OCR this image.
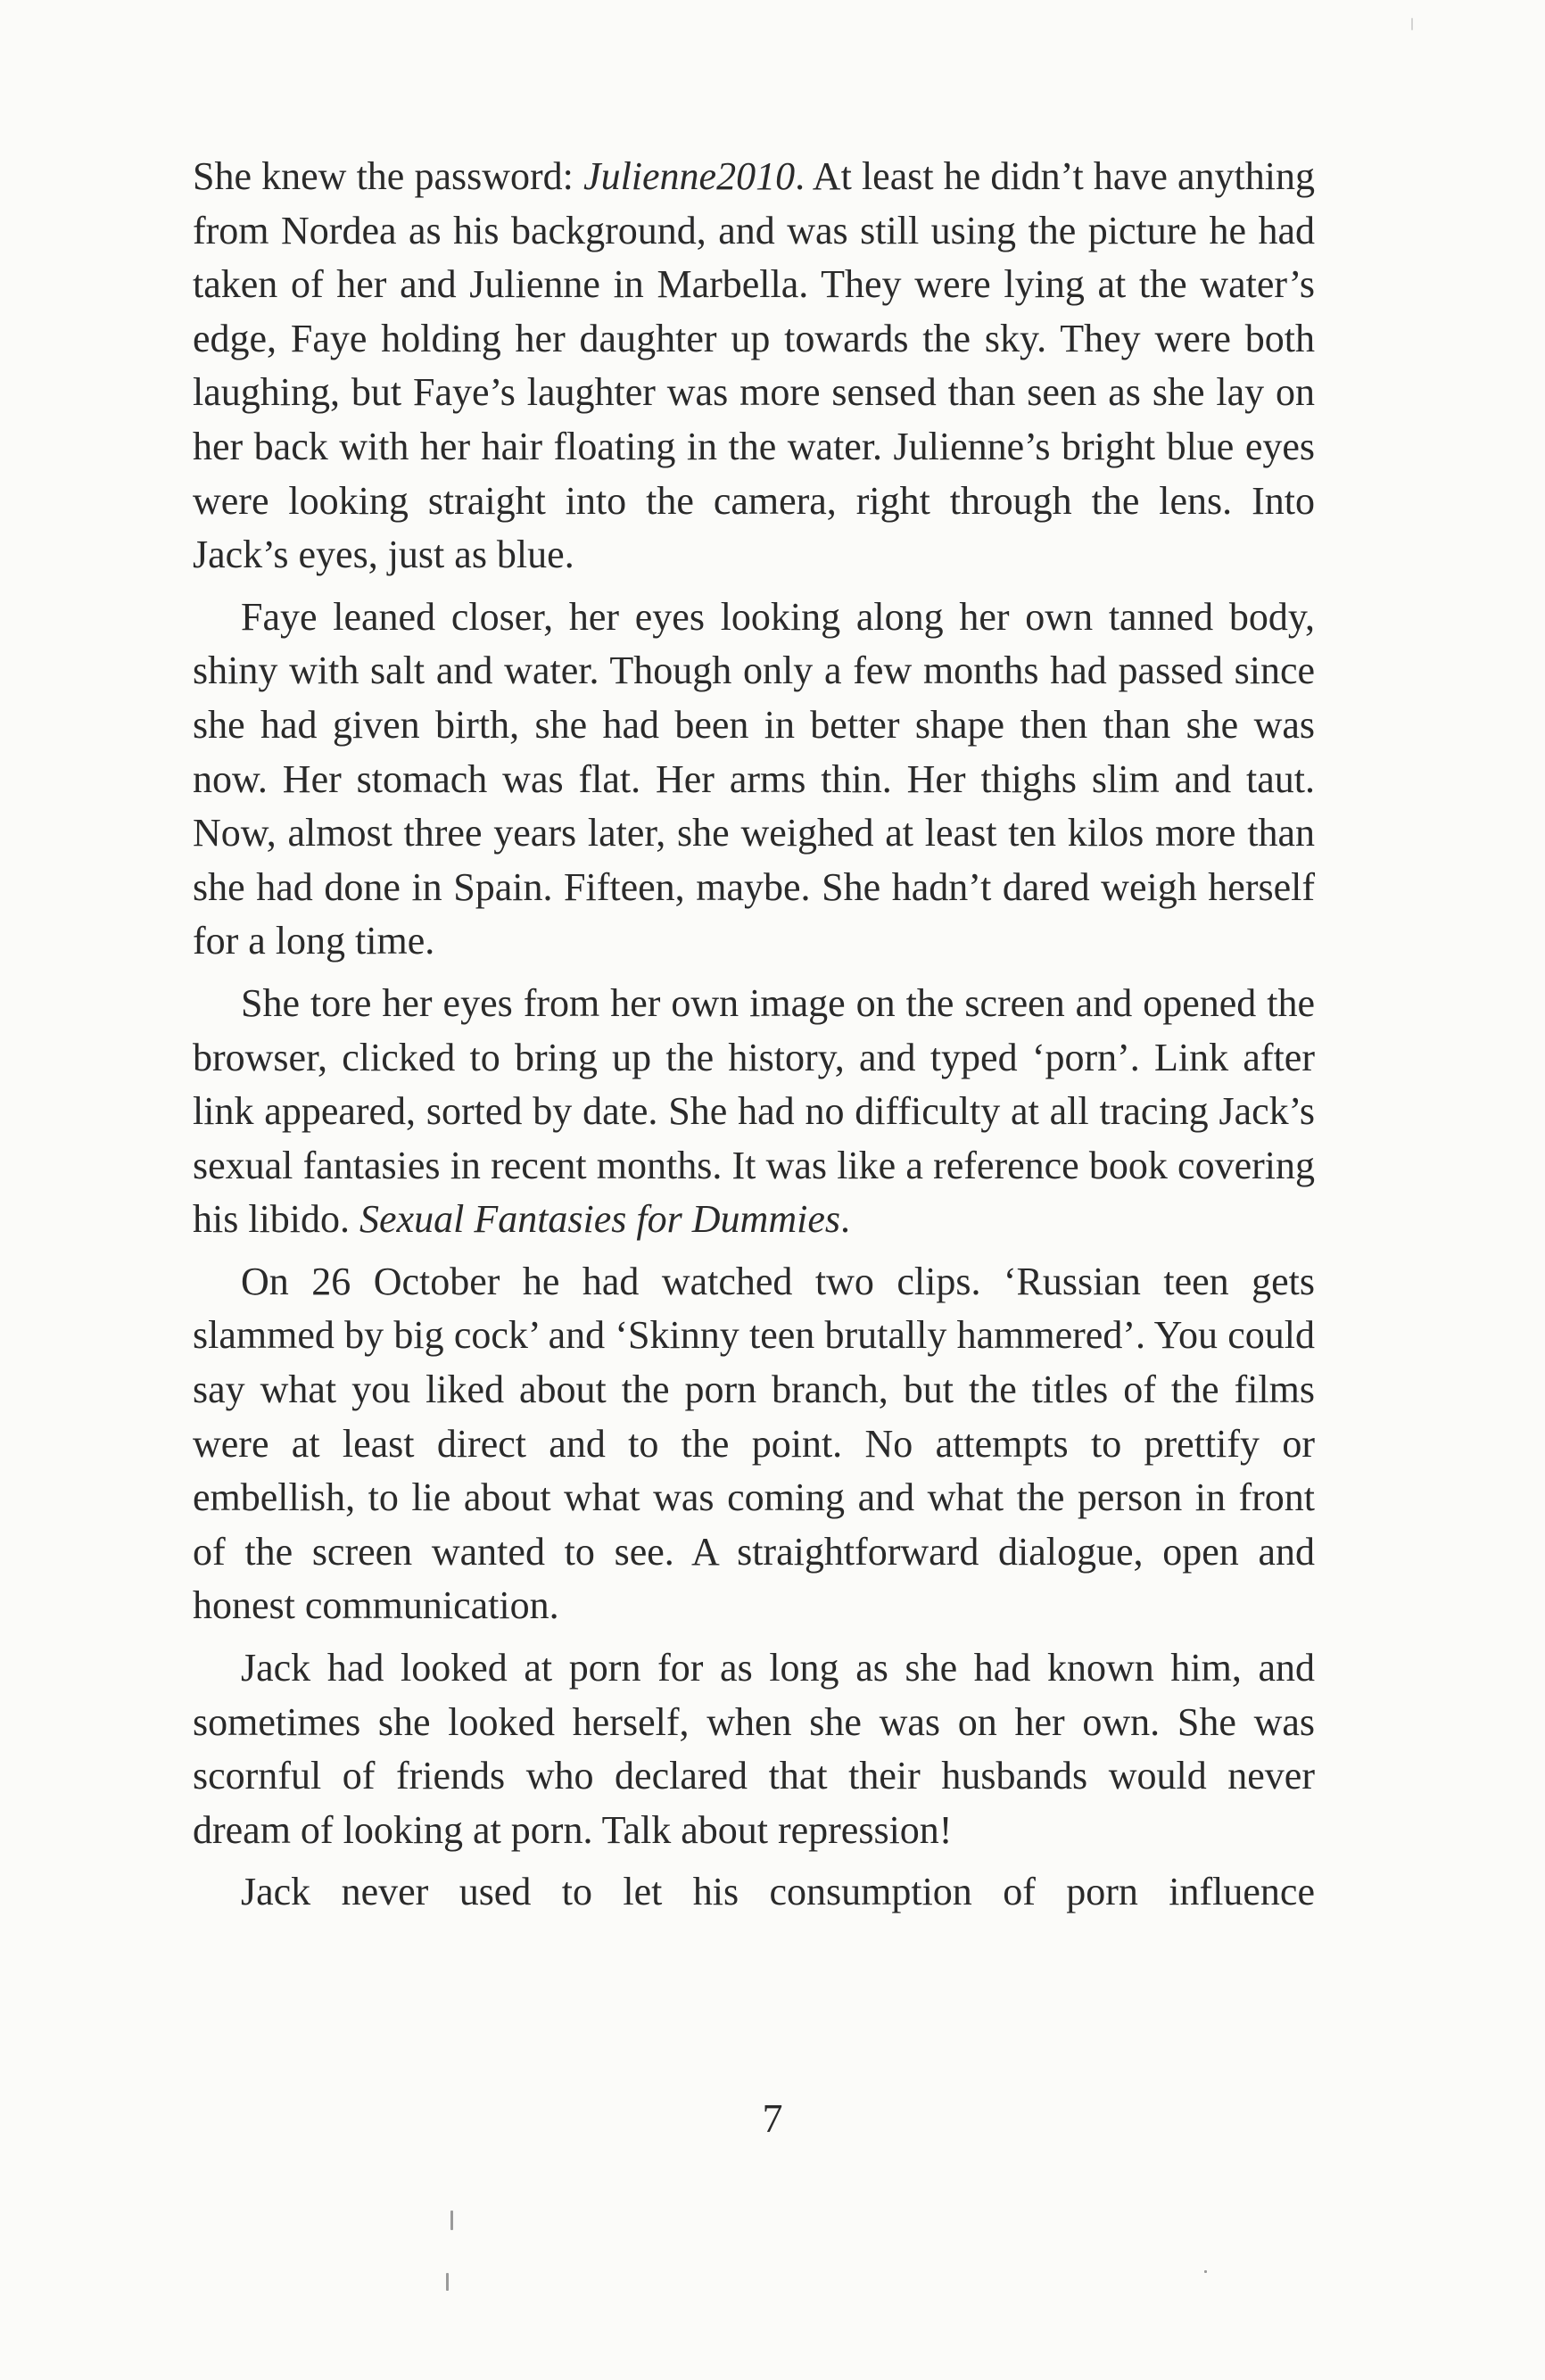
She knew the password: Julienne2010. At least he didn’t have anything from Nordea as his background, and was still using the picture he had taken of her and Julienne in Marbella. They were lying at the water’s edge, Faye holding her daughter up towards the sky. They were both laughing, but Faye’s laughter was more sensed than seen as she lay on her back with her hair floating in the water. Julienne’s bright blue eyes were looking straight into the camera, right through the lens. Into Jack’s eyes, just as blue.

Faye leaned closer, her eyes looking along her own tanned body, shiny with salt and water. Though only a few months had passed since she had given birth, she had been in better shape then than she was now. Her stomach was flat. Her arms thin. Her thighs slim and taut. Now, almost three years later, she weighed at least ten kilos more than she had done in Spain. Fifteen, maybe. She hadn’t dared weigh herself for a long time.

She tore her eyes from her own image on the screen and opened the browser, clicked to bring up the history, and typed ‘porn’. Link after link appeared, sorted by date. She had no difficulty at all tracing Jack’s sexual fantasies in recent months. It was like a reference book covering his libido. Sexual Fantasies for Dummies.

On 26 October he had watched two clips. ‘Russian teen gets slammed by big cock’ and ‘Skinny teen brutally hammered’. You could say what you liked about the porn branch, but the titles of the films were at least direct and to the point. No attempts to prettify or embellish, to lie about what was coming and what the person in front of the screen wanted to see. A straightforward dialogue, open and honest communication.

Jack had looked at porn for as long as she had known him, and sometimes she looked herself, when she was on her own. She was scornful of friends who declared that their husbands would never dream of looking at porn. Talk about repression!

Jack never used to let his consumption of porn influence

7
